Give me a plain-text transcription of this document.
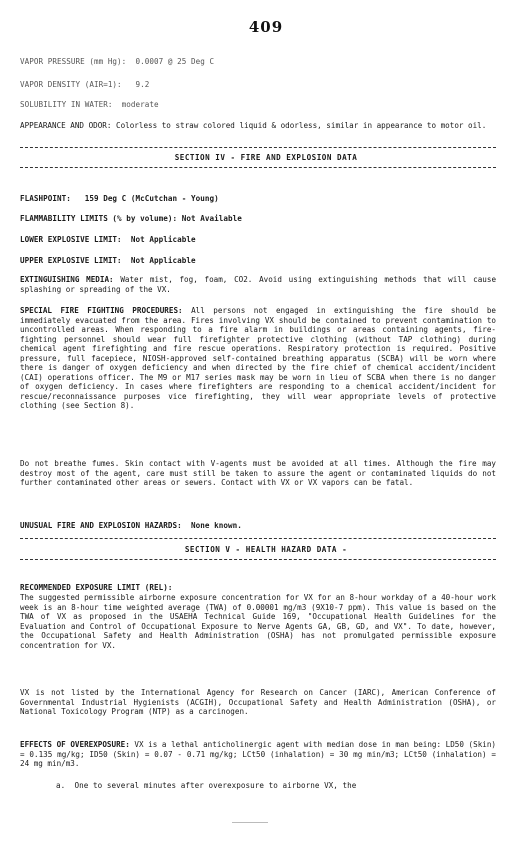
409
VAPOR PRESSURE (mm Hg):  0.0007 @ 25 Deg C
VAPOR DENSITY (AIR=1):   9.2
SOLUBILITY IN WATER:  moderate
APPEARANCE AND ODOR: Colorless to straw colored liquid & odorless, similar in appearance to motor oil.
SECTION IV - FIRE AND EXPLOSION DATA
FLASHPOINT:   159 Deg C (McCutchan - Young)
FLAMMABILITY LIMITS (% by volume): Not Available
LOWER EXPLOSIVE LIMIT:  Not Applicable
UPPER EXPLOSIVE LIMIT:  Not Applicable
EXTINGUISHING MEDIA: Water mist, fog, foam, CO2. Avoid using extinguishing methods that will cause splashing or spreading of the VX.
SPECIAL FIRE FIGHTING PROCEDURES: All persons not engaged in extinguishing the fire should be immediately evacuated from the area. Fires involving VX should be contained to prevent contamination to uncontrolled areas. When responding to a fire alarm in buildings or areas containing agents, fire-fighting personnel should wear full firefighter protective clothing (without TAP clothing) during chemical agent firefighting and fire rescue operations. Respiratory protection is required. Positive pressure, full facepiece, NIOSH-approved self-contained breathing apparatus (SCBA) will be worn where there is danger of oxygen deficiency and when directed by the fire chief of chemical accident/incident (CAI) operations officer. The M9 or M17 series mask may be worn in lieu of SCBA when there is no danger of oxygen deficiency. In cases where firefighters are responding to a chemical accident/incident for rescue/reconnaissance purposes vice firefighting, they will wear appropriate levels of protective clothing (see Section 8).
Do not breathe fumes. Skin contact with V-agents must be avoided at all times. Although the fire may destroy most of the agent, care must still be taken to assure the agent or contaminated liquids do not further contaminated other areas or sewers. Contact with VX or VX vapors can be fatal.
UNUSUAL FIRE AND EXPLOSION HAZARDS:  None known.
SECTION V - HEALTH HAZARD DATA -
RECOMMENDED EXPOSURE LIMIT (REL):
The suggested permissible airborne exposure concentration for VX for an 8-hour workday of a 40-hour work week is an 8-hour time weighted average (TWA) of 0.00001 mg/m3 (9X10-7 ppm). This value is based on the TWA of VX as proposed in the USAEHA Technical Guide 169, "Occupational Health Guidelines for the Evaluation and Control of Occupational Exposure to Nerve Agents GA, GB, GD, and VX". To date, however, the Occupational Safety and Health Administration (OSHA) has not promulgated permissible exposure concentration for VX.
VX is not listed by the International Agency for Research on Cancer (IARC), American Conference of Governmental Industrial Hygienists (ACGIH), Occupational Safety and Health Administration (OSHA), or National Toxicology Program (NTP) as a carcinogen.
EFFECTS OF OVEREXPOSURE: VX is a lethal anticholinergic agent with median dose in man being: LD50 (Skin) = 0.135 mg/kg; ID50 (Skin) = 0.07 - 0.71 mg/kg; LCt50 (inhalation) = 30 mg min/m3; LCt50 (inhalation) = 24 mg min/m3.
a.  One to several minutes after overexposure to airborne VX, the
